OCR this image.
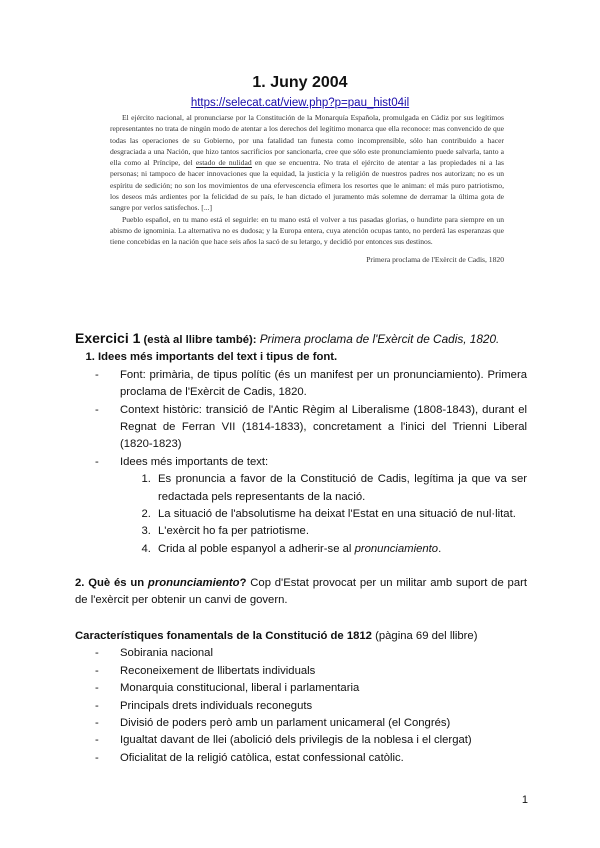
1. Juny 2004
https://selecat.cat/view.php?p=pau_hist04il

El ejército nacional, al pronunciarse por la Constitución de la Monarquía Española, promulgada en Cádiz por sus legítimos representantes no trata de ningún modo de atentar a los derechos del legítimo monarca que ella reconoce: mas convencido de que todas las operaciones de su Gobierno, por una fatalidad tan funesta como incomprensible, sólo han contribuido a hacer desgraciada a una Nación, que hizo tantos sacrificios por sancionarla, cree que sólo este pronunciamiento puede salvarla, tanto a ella como al Príncipe, del estado de nulidad en que se encuentra. No trata el ejército de atentar a las propiedades ni a las personas; ni tampoco de hacer innovaciones que la equidad, la justicia y la religión de nuestros padres nos autorizan; no es un espíritu de sedición; no son los movimientos de una efervescencia efímera los resortes que le animan: el más puro patriotismo, los deseos más ardientes por la felicidad de su país, le han dictado el juramento más solemne de derramar la última gota de sangre por verlos satisfechos. [...]

Pueblo español, en tu mano está el seguirle: en tu mano está el volver a tus pasadas glorias, o hundirte para siempre en un abismo de ignominia. La alternativa no es dudosa; y la Europa entera, cuya atención ocupas tanto, no perderá las esperanzas que tiene concebidas en la nación que hace seis años la sacó de su letargo, y decidió por entonces sus destinos.

Primera proclama de l'Exèrcit de Cadis, 1820

Exercici 1 (està al llibre també): Primera proclama de l'Exèrcit de Cadis, 1820.
1. Idees més importants del text i tipus de font.
- Font: primària, de tipus polític (és un manifest per un pronunciamiento). Primera proclama de l'Exèrcit de Cadis, 1820.
- Context històric: transició de l'Antic Règim al Liberalisme (1808-1843), durant el Regnat de Ferran VII (1814-1833), concretament a l'inici del Trienni Liberal (1820-1823)
- Idees més importants de text:
1. Es pronuncia a favor de la Constitució de Cadis, legítima ja que va ser redactada pels representants de la nació.
2. La situació de l'absolutisme ha deixat l'Estat en una situació de nul·litat.
3. L'exèrcit ho fa per patriotisme.
4. Crida al poble espanyol a adherir-se al pronunciamiento.
2. Què és un pronunciamiento? Cop d'Estat provocat per un militar amb suport de part de l'exèrcit per obtenir un canvi de govern.
Característiques fonamentals de la Constitució de 1812 (pàgina 69 del llibre)
- Sobirania nacional
- Reconeixement de llibertats individuals
- Monarquia constitucional, liberal i parlamentaria
- Principals drets individuals reconeguts
- Divisió de poders però amb un parlament unicameral (el Congrés)
- Igualtat davant de llei (abolició dels privilegis de la noblesa i el clergat)
- Oficialitat de la religió catòlica, estat confessional catòlic.
1
